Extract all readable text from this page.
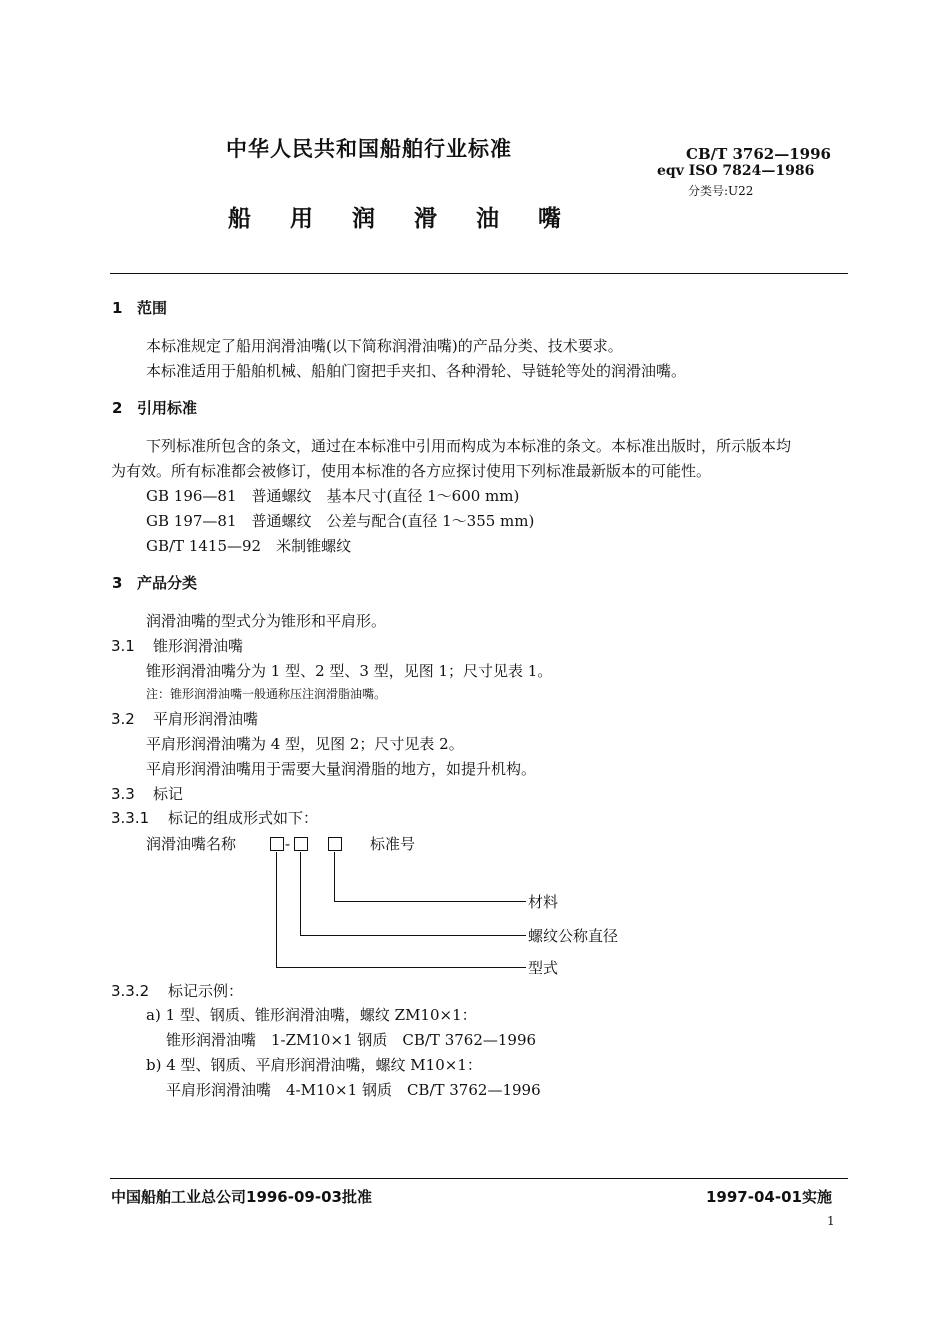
中华人民共和国船舶行业标准
船 用 润 滑 油 嘴
CB/T 3762—1996
eqv ISO 7824—1986
分类号:U22
1 范围
本标准规定了船用润滑油嘴(以下简称润滑油嘴)的产品分类、技术要求。
本标准适用于船舶机械、船舶门窗把手夹扣、各种滑轮、导链轮等处的润滑油嘴。
2 引用标准
下列标准所包含的条文，通过在本标准中引用而构成为本标准的条文。本标准出版时，所示版本均
为有效。所有标准都会被修订，使用本标准的各方应探讨使用下列标准最新版本的可能性。
GB 196—81　普通螺纹　基本尺寸(直径 1～600 mm)
GB 197—81　普通螺纹　公差与配合(直径 1～355 mm)
GB/T 1415—92　米制锥螺纹
3 产品分类
润滑油嘴的型式分为锥形和平肩形。
3.1 锥形润滑油嘴
锥形润滑油嘴分为 1 型、2 型、3 型，见图 1；尺寸见表 1。
注：锥形润滑油嘴一般通称压注润滑脂油嘴。
3.2 平肩形润滑油嘴
平肩形润滑油嘴为 4 型，见图 2；尺寸见表 2。
平肩形润滑油嘴用于需要大量润滑脂的地方，如提升机构。
3.3 标记
3.3.1 标记的组成形式如下：
润滑油嘴名称	-	标准号
材料
螺纹公称直径
型式
3.3.2 标记示例：
a) 1 型、钢质、锥形润滑油嘴，螺纹 ZM10×1：
锥形润滑油嘴　1-ZM10×1 钢质　CB/T 3762—1996
b) 4 型、钢质、平肩形润滑油嘴，螺纹 M10×1：
平肩形润滑油嘴　4-M10×1 钢质　CB/T 3762—1996
中国船舶工业总公司1996-09-03批准	1997-04-01实施
1
